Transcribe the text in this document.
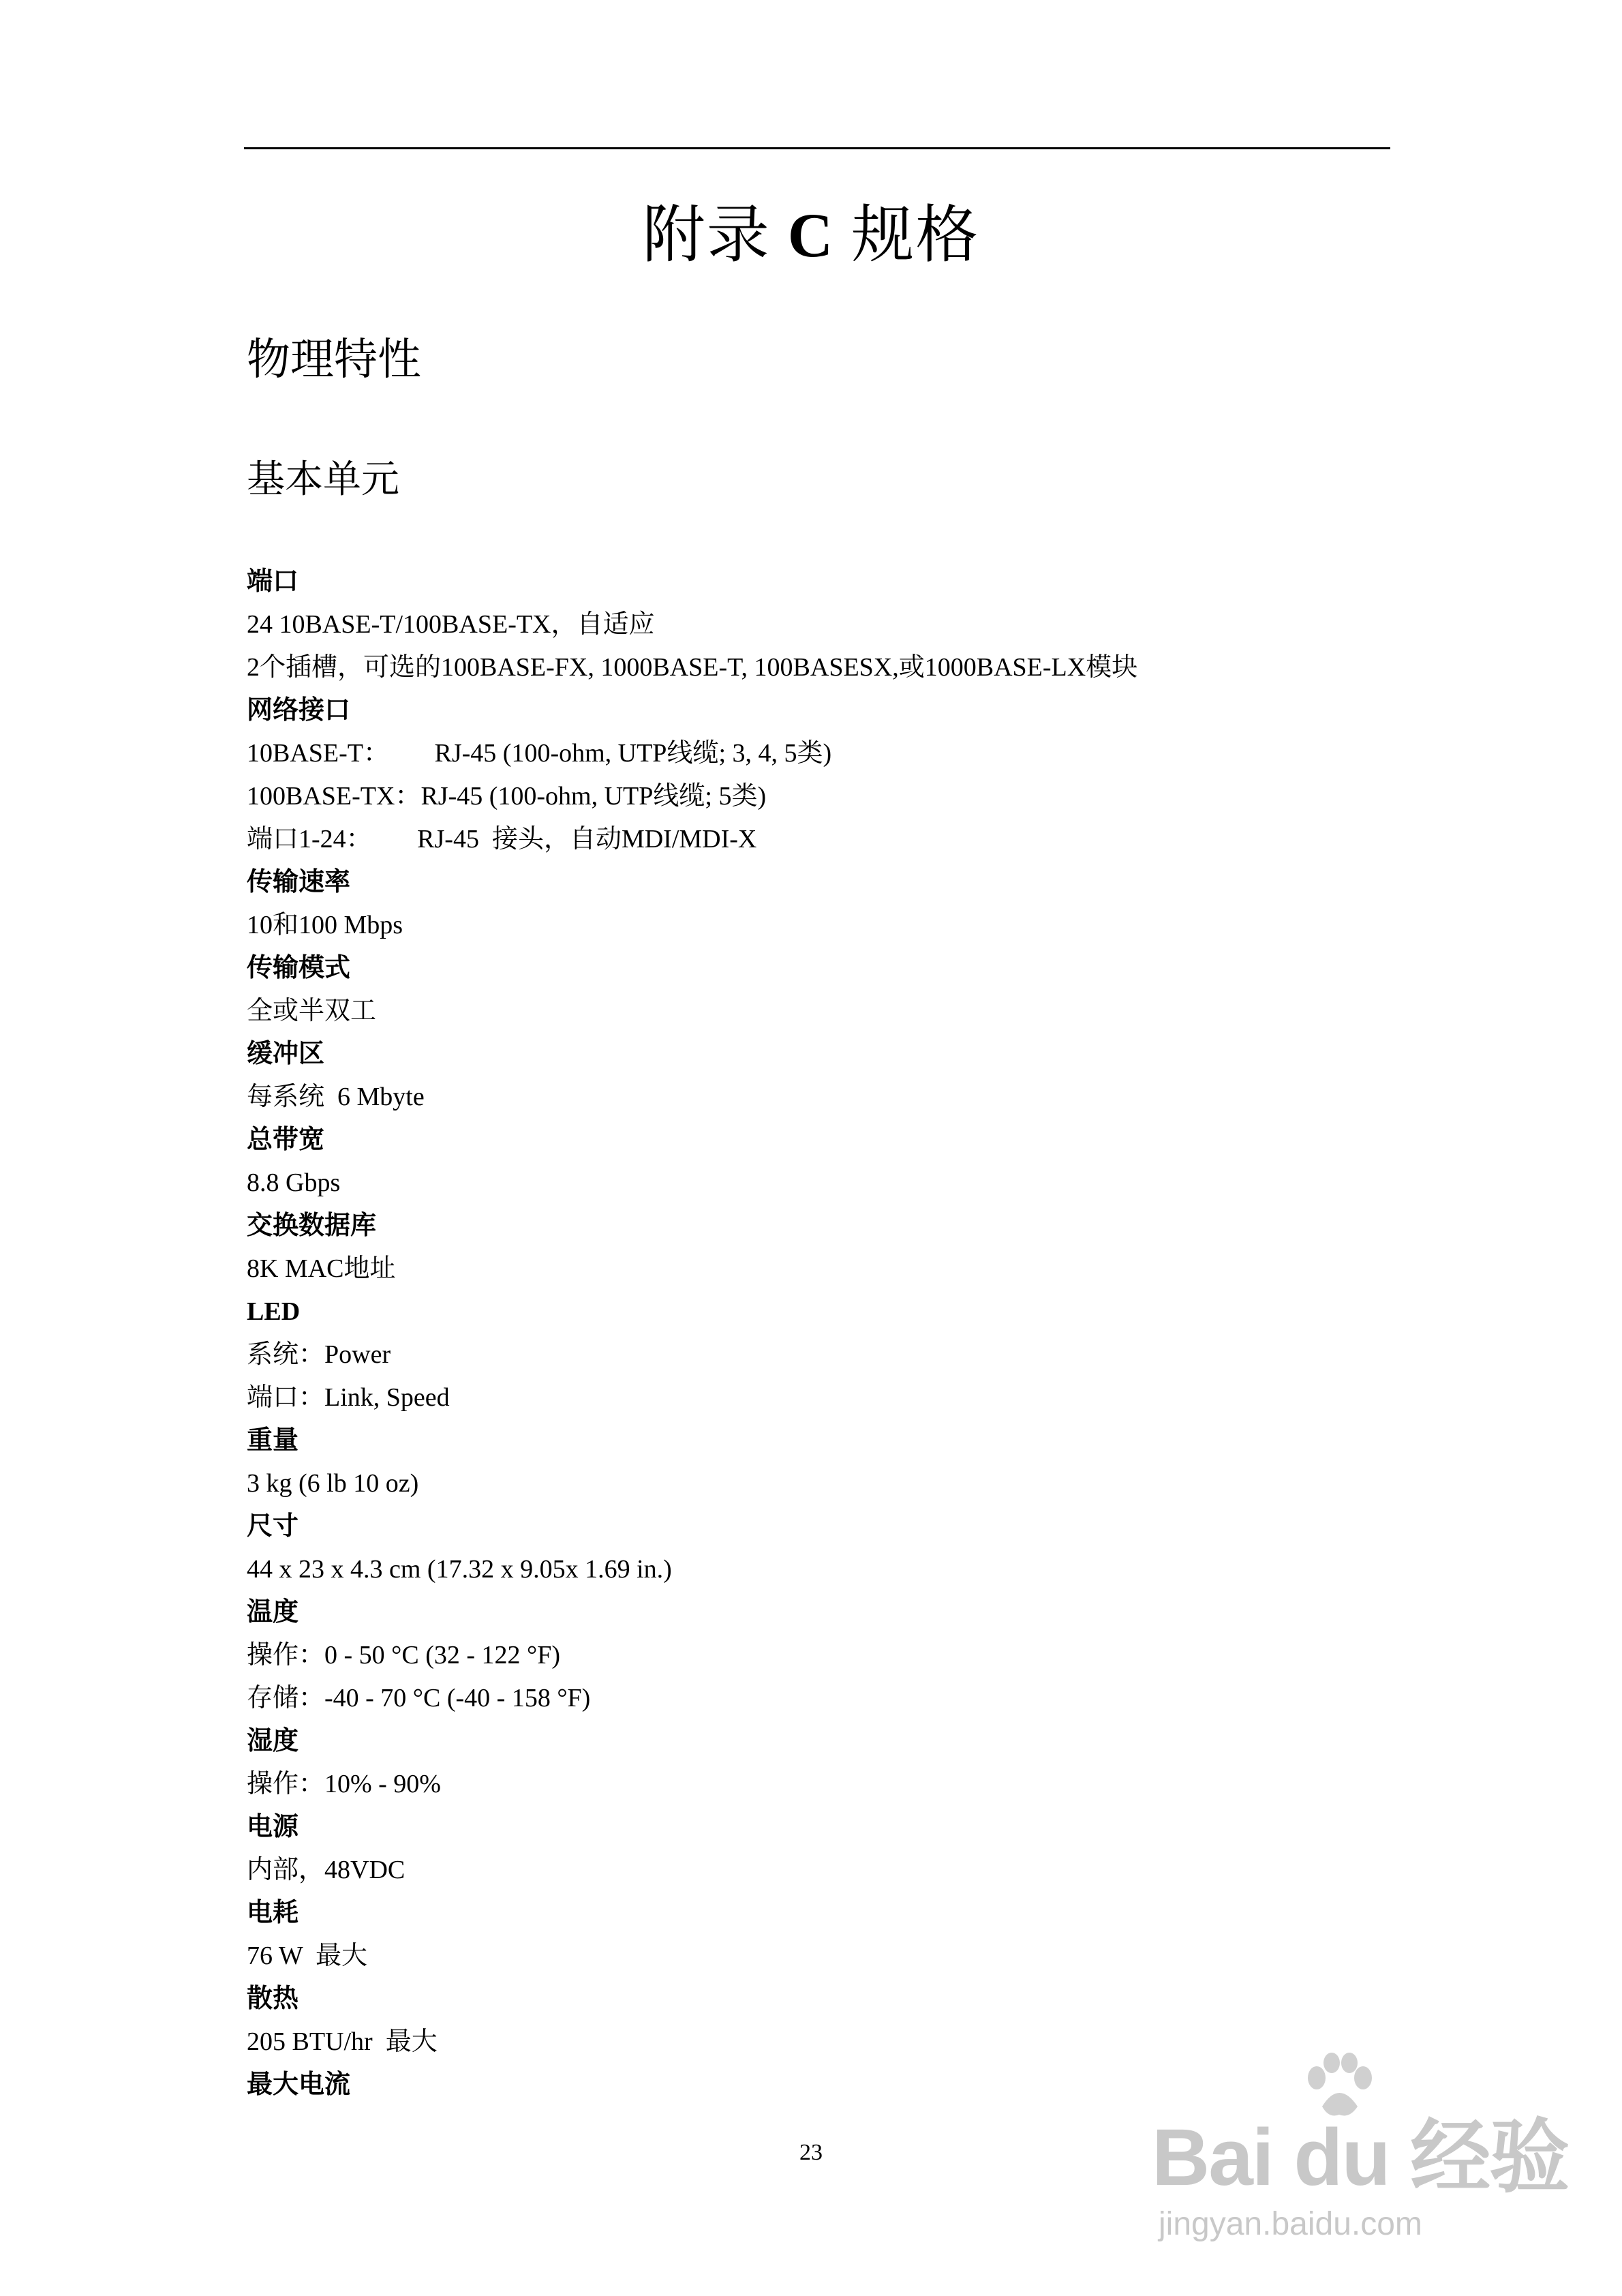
附录 C 规格
物理特性
基本单元
端口
24 10BASE-T/100BASE-TX，自适应
2个插槽，可选的100BASE-FX, 1000BASE-T, 100BASESX,或1000BASE-LX模块
网络接口
10BASE-T：       RJ-45 (100-ohm, UTP线缆; 3, 4, 5类)
100BASE-TX：RJ-45 (100-ohm, UTP线缆; 5类)
端口1-24：       RJ-45  接头，自动MDI/MDI-X
传输速率
10和100 Mbps
传输模式
全或半双工
缓冲区
每系统  6 Mbyte
总带宽
8.8 Gbps
交换数据库
8K MAC地址
LED
系统：Power
端口：Link, Speed
重量
3 kg (6 lb 10 oz)
尺寸
44 x 23 x 4.3 cm (17.32 x 9.05x 1.69 in.)
温度
操作：0 - 50 °C (32 - 122 °F)
存储：-40 - 70 °C (-40 - 158 °F)
湿度
操作：10% - 90%
电源
内部，48VDC
电耗
76 W  最大
散热
205 BTU/hr  最大
最大电流
23	Bai du 经验
jingyan.baidu.com
